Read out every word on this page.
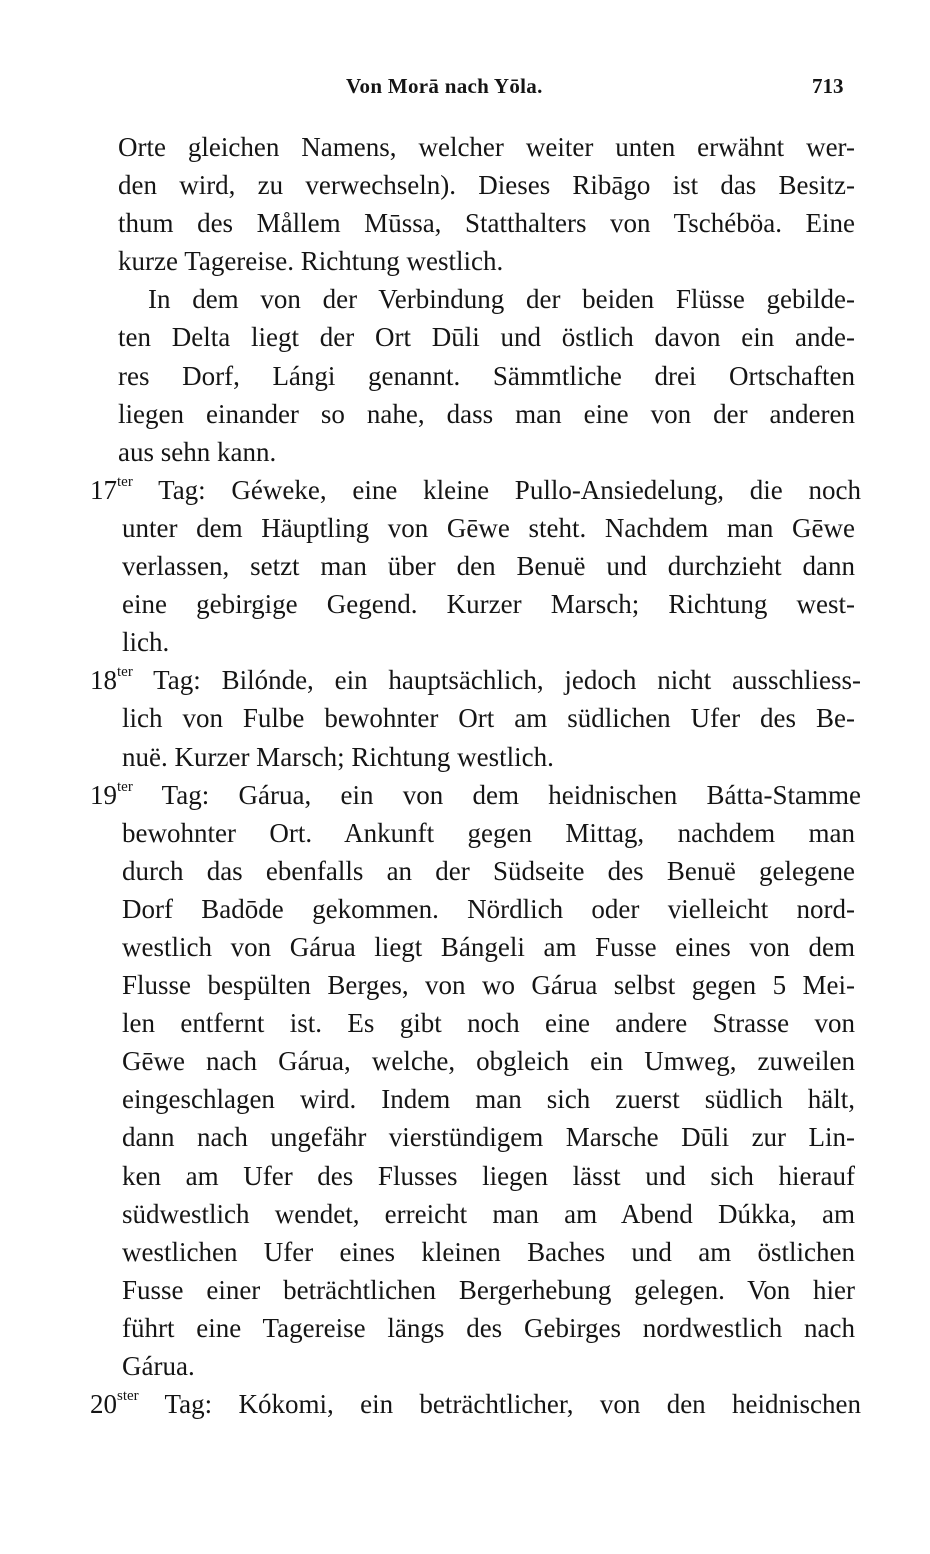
Von Morā nach Yōla.	713
Orte gleichen Namens, welcher weiter unten erwähnt wer-
den wird, zu verwechseln). Dieses Ribāgo ist das Besitz-
thum des Mållem Mūssa, Statthalters von Tschéböa. Eine
kurze Tagereise. Richtung westlich.
In dem von der Verbindung der beiden Flüsse gebilde-
ten Delta liegt der Ort Dūli und östlich davon ein ande-
res Dorf, Lángi genannt. Sämmtliche drei Ortschaften
liegen einander so nahe, dass man eine von der anderen
aus sehn kann.
$17^{ter}$ Tag: Géweke, eine kleine Pullo-Ansiedelung, die noch
unter dem Häuptling von Gēwe steht. Nachdem man Gēwe
verlassen, setzt man über den Benuë und durchzieht dann
eine gebirgige Gegend. Kurzer Marsch; Richtung west-
lich.
$18^{ter}$ Tag: Bilónde, ein hauptsächlich, jedoch nicht ausschliess-
lich von Fulbe bewohnter Ort am südlichen Ufer des Be-
nuë. Kurzer Marsch; Richtung westlich.
$19^{ter}$ Tag: Gárua, ein von dem heidnischen Bátta-Stamme
bewohnter Ort. Ankunft gegen Mittag, nachdem man
durch das ebenfalls an der Südseite des Benuë gelegene
Dorf Badōde gekommen. Nördlich oder vielleicht nord-
westlich von Gárua liegt Bángeli am Fusse eines von dem
Flusse bespülten Berges, von wo Gárua selbst gegen 5 Mei-
len entfernt ist. Es gibt noch eine andere Strasse von
Gēwe nach Gárua, welche, obgleich ein Umweg, zuweilen
eingeschlagen wird. Indem man sich zuerst südlich hält,
dann nach ungefähr vierstündigem Marsche Dūli zur Lin-
ken am Ufer des Flusses liegen lässt und sich hierauf
südwestlich wendet, erreicht man am Abend Dúkka, am
westlichen Ufer eines kleinen Baches und am östlichen
Fusse einer beträchtlichen Bergerhebung gelegen. Von hier
führt eine Tagereise längs des Gebirges nordwestlich nach
Gárua.
$20^{ster}$ Tag: Kókomi, ein beträchtlicher, von den heidnischen
